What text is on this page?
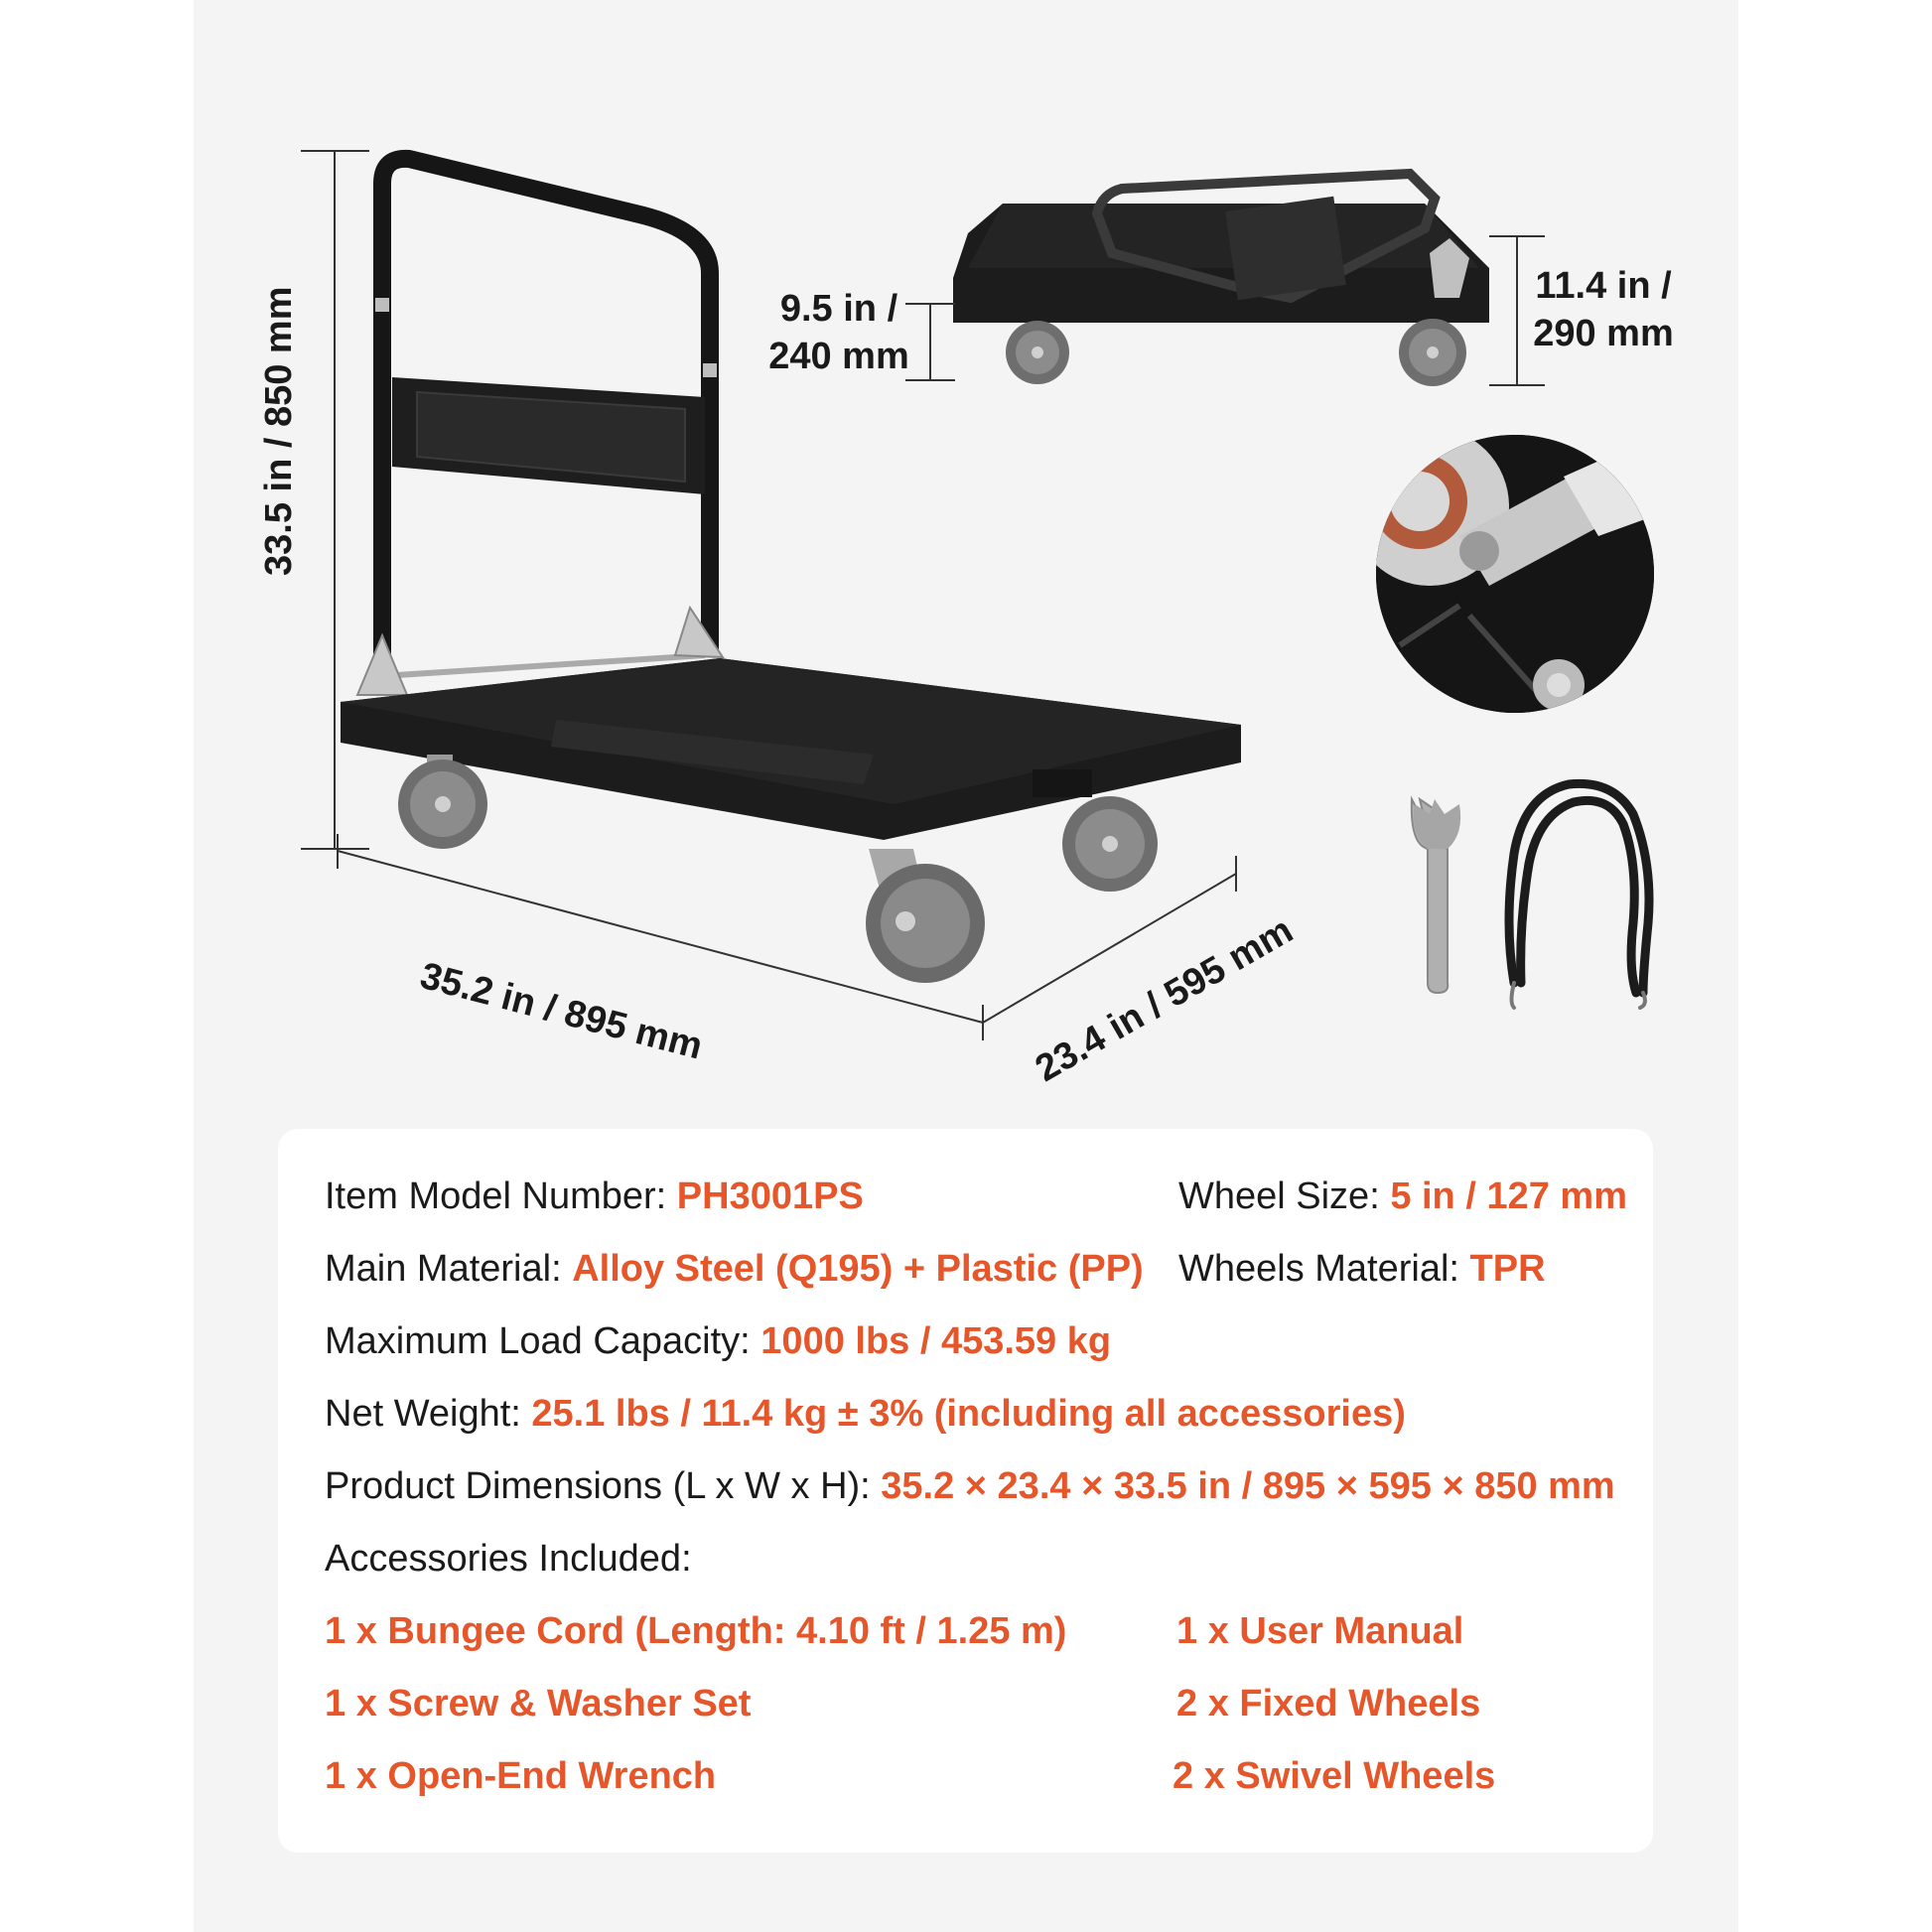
33.5 in / 850 mm
35.2 in / 895 mm	23.4 in / 595 mm
9.5 in /
240 mm
11.4 in /
290 mm
Item Model Number: PH3001PS	Wheel Size: 5 in / 127 mm
Main Material: Alloy Steel (Q195) + Plastic (PP) Wheels Material: TPR
Maximum Load Capacity: 1000 lbs / 453.59 kg
Net Weight: 25.1 lbs / 11.4 kg ± 3% (including all accessories)
Product Dimensions (L x W x H): 35.2 × 23.4 × 33.5 in / 895 × 595 × 850 mm
Accessories Included:
1 x Bungee Cord (Length: 4.10 ft / 1.25 m)
1 x Screw & Washer Set
1 x Open-End Wrench
1 x User Manual
2 x Fixed Wheels
2 x Swivel Wheels
